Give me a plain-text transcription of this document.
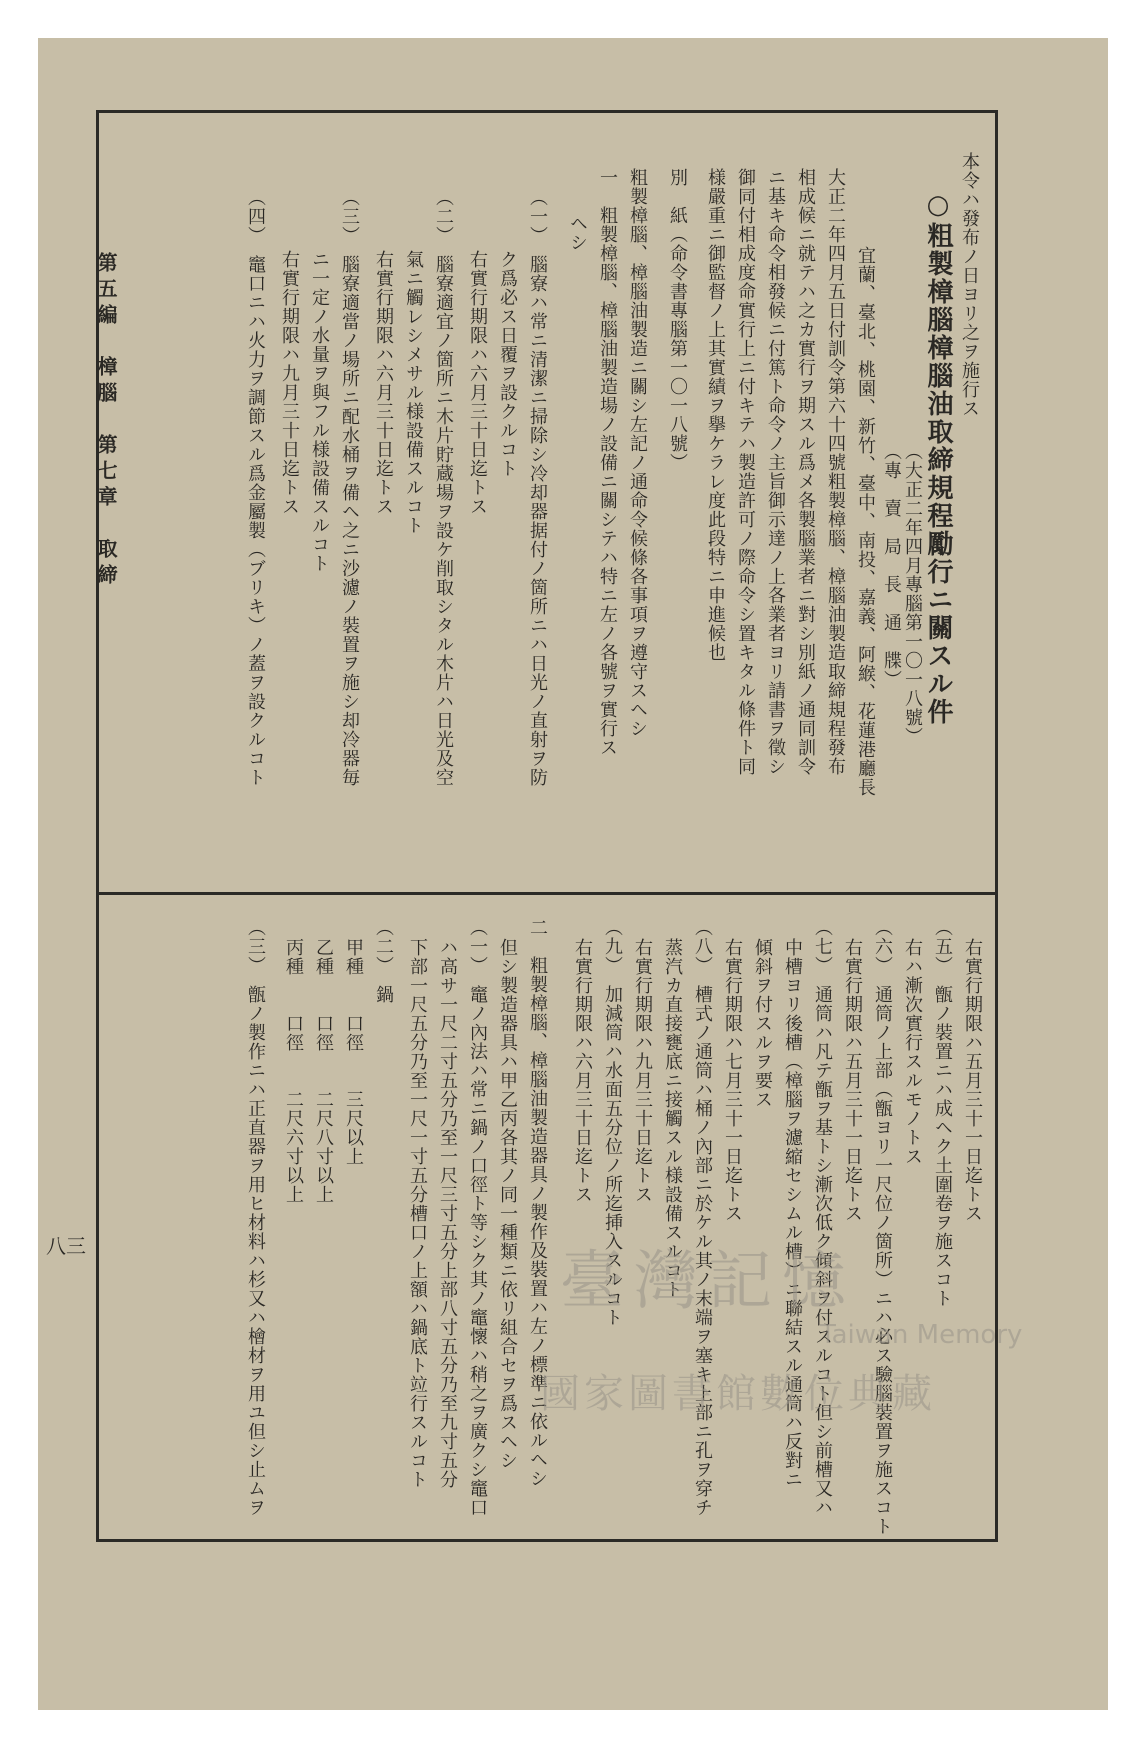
本令ハ發布ノ日ヨリ之ヲ施行ス
○粗製樟腦樟腦油取締規程勵行ニ關スル件
（大正二年四月專腦第一〇一八號）
（專　賣　局　長　通　牒）
宜蘭、臺北、桃園、新竹、臺中、南投、嘉義、阿緱、花蓮港廳長
大正二年四月五日付訓令第六十四號粗製樟腦、樟腦油製造取締規程發布
相成候ニ就テハ之カ實行ヲ期スル爲メ各製腦業者ニ對シ別紙ノ通同訓令
ニ基キ命令相發候ニ付篤ト命令ノ主旨御示達ノ上各業者ヨリ請書ヲ徵シ
御同付相成度命實行上ニ付キテハ製造許可ノ際命令シ置キタル條件ト同
様嚴重ニ御監督ノ上其實績ヲ擧ケラレ度此段特ニ申進候也
別　紙（命令書專腦第一〇一八號）
粗製樟腦、樟腦油製造ニ關シ左記ノ通命令候條各事項ヲ遵守スヘシ
一　粗製樟腦、樟腦油製造場ノ設備ニ關シテハ特ニ左ノ各號ヲ實行ス
ヘシ
（一）　腦寮ハ常ニ清潔ニ掃除シ冷却器据付ノ箇所ニハ日光ノ直射ヲ防
ク爲必ス日覆ヲ設クルコト
右實行期限ハ六月三十日迄トス
（二）　腦寮適宜ノ箇所ニ木片貯蔵場ヲ設ケ削取シタル木片ハ日光及空
氣ニ觸レシメサル様設備スルコト
右實行期限ハ六月三十日迄トス
（三）　腦寮適當ノ場所ニ配水桶ヲ備ヘ之ニ沙濾ノ裝置ヲ施シ却冷器毎
ニ一定ノ水量ヲ與フル様設備スルコト
右實行期限ハ九月三十日迄トス
（四）　竈口ニハ火力ヲ調節スル爲金屬製（ブリキ）ノ蓋ヲ設クルコト
右實行期限ハ五月三十一日迄トス
（五）　甑ノ裝置ニハ成ヘク土圍卷ヲ施スコト
右ハ漸次實行スルモノトス
（六）　通筒ノ上部（甑ヨリ一尺位ノ箇所）ニハ必ス驗腦裝置ヲ施スコト
右實行期限ハ五月三十一日迄トス
（七）　通筒ハ凡テ甑ヲ基トシ漸次低ク傾斜ヲ付スルコト但シ前槽又ハ
中槽ヨリ後槽（樟腦ヲ濾縮セシムル槽）ニ聯結スル通筒ハ反對ニ
傾斜ヲ付スルヲ要ス
右實行期限ハ七月三十一日迄トス
（八）　槽式ノ通筒ハ桶ノ內部ニ於ケル其ノ末端ヲ塞キ上部ニ孔ヲ穿チ
蒸汽カ直接甕底ニ接觸スル様設備スルコト
右實行期限ハ九月三十日迄トス
（九）　加減筒ハ水面五分位ノ所迄挿入スルコト
右實行期限ハ六月三十日迄トス
二　粗製樟腦、樟腦油製造器具ノ製作及裝置ハ左ノ標準ニ依ルヘシ
但シ製造器具ハ甲乙丙各其ノ同一種類ニ依リ組合セヲ爲スヘシ
（一）　竈ノ內法ハ常ニ鍋ノ口徑ト等シク其ノ竈懷ハ稍之ヲ廣クシ竈口
ハ高サ一尺二寸五分乃至一尺三寸五分上部八寸五分乃至九寸五分
下部一尺五分乃至一尺一寸五分槽口ノ上額ハ鍋底ト竝行スルコト
（二）　鍋
甲種　　口徑　　三尺以上
乙種　　口徑　　二尺八寸以上
丙種　　口徑　　二尺六寸以上
（三）　甑ノ製作ニハ正直器ヲ用ヒ材料ハ杉又ハ檜材ヲ用ユ但シ止ムヲ
第五編　樟腦　第七章　取締
八三	臺灣記憶
Taiwan Memory
國家圖書館數位典藏
